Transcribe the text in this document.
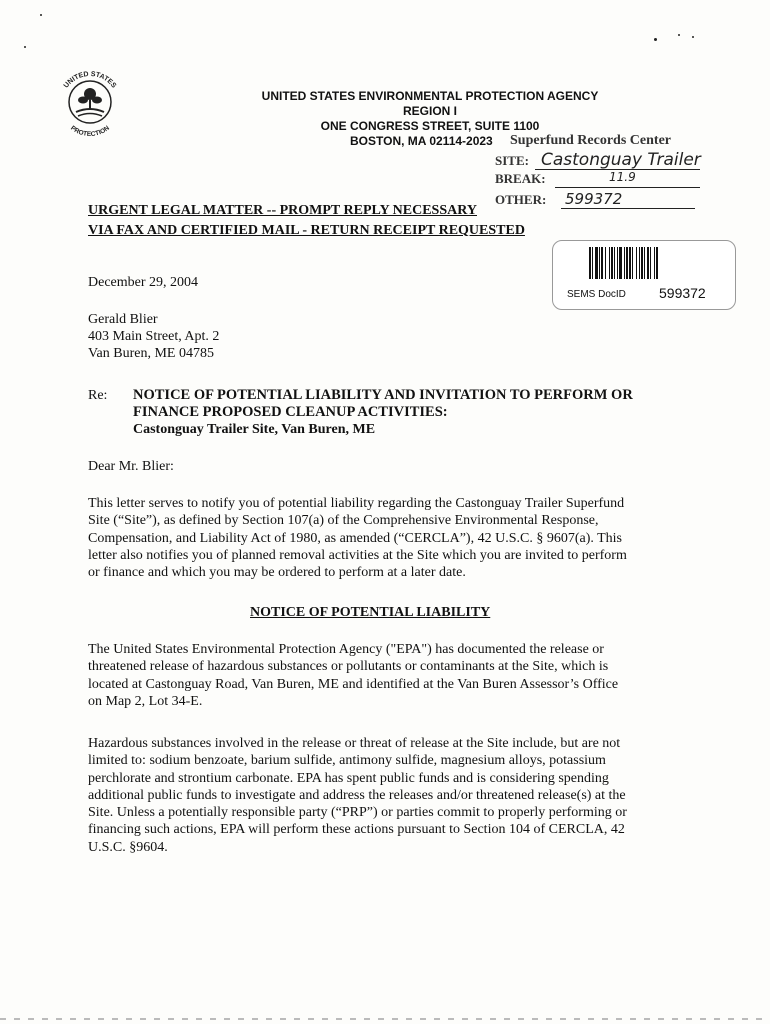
UNITED STATES
PROTECTION
UNITED STATES ENVIRONMENTAL PROTECTION AGENCY
REGION I
ONE CONGRESS STREET, SUITE 1100
BOSTON, MA 02114-2023 Superfund Records Center
SITE: Castonguay Trailer
BREAK:	11.9
OTHER: 599372
URGENT LEGAL MATTER -- PROMPT REPLY NECESSARY
VIA FAX AND CERTIFIED MAIL - RETURN RECEIPT REQUESTED
SEMS DocID 599372
December 29, 2004
Gerald Blier
403 Main Street, Apt. 2
Van Buren, ME 04785
Re: NOTICE OF POTENTIAL LIABILITY AND INVITATION TO PERFORM OR
FINANCE PROPOSED CLEANUP ACTIVITIES:
Castonguay Trailer Site, Van Buren, ME
Dear Mr. Blier:
This letter serves to notify you of potential liability regarding the Castonguay Trailer Superfund
Site (“Site”), as defined by Section 107(a) of the Comprehensive Environmental Response,
Compensation, and Liability Act of 1980, as amended (“CERCLA”), 42 U.S.C. § 9607(a). This
letter also notifies you of planned removal activities at the Site which you are invited to perform
or finance and which you may be ordered to perform at a later date.
NOTICE OF POTENTIAL LIABILITY
The United States Environmental Protection Agency ("EPA") has documented the release or
threatened release of hazardous substances or pollutants or contaminants at the Site, which is
located at Castonguay Road, Van Buren, ME and identified at the Van Buren Assessor’s Office
on Map 2, Lot 34-E.
Hazardous substances involved in the release or threat of release at the Site include, but are not
limited to: sodium benzoate, barium sulfide, antimony sulfide, magnesium alloys, potassium
perchlorate and strontium carbonate. EPA has spent public funds and is considering spending
additional public funds to investigate and address the releases and/or threatened release(s) at the
Site. Unless a potentially responsible party (“PRP”) or parties commit to properly performing or
financing such actions, EPA will perform these actions pursuant to Section 104 of CERCLA, 42
U.S.C. §9604.
